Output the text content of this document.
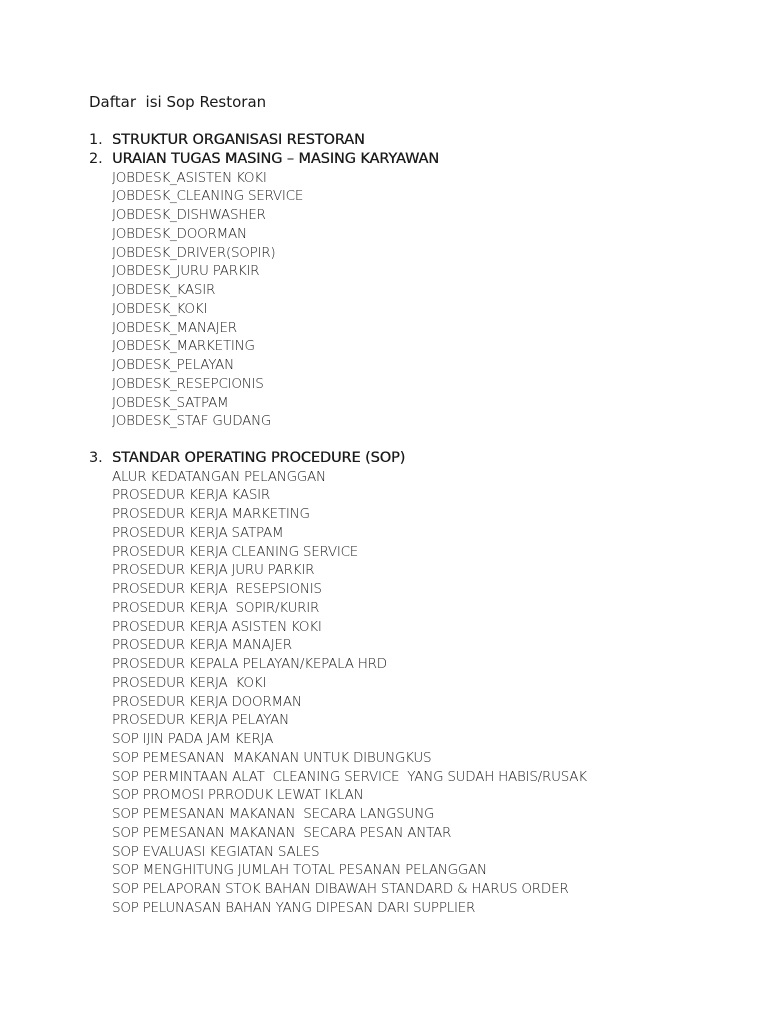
Daftar  isi Sop Restoran
1. STRUKTUR ORGANISASI RESTORAN
2. URAIAN TUGAS MASING – MASING KARYAWAN
JOBDESK_ASISTEN KOKI
JOBDESK_CLEANING SERVICE
JOBDESK_DISHWASHER
JOBDESK_DOORMAN
JOBDESK_DRIVER(SOPIR)
JOBDESK_JURU PARKIR
JOBDESK_KASIR
JOBDESK_KOKI
JOBDESK_MANAJER
JOBDESK_MARKETING
JOBDESK_PELAYAN
JOBDESK_RESEPCIONIS
JOBDESK_SATPAM
JOBDESK_STAF GUDANG
3. STANDAR OPERATING PROCEDURE (SOP)
ALUR KEDATANGAN PELANGGAN
PROSEDUR KERJA KASIR
PROSEDUR KERJA MARKETING
PROSEDUR KERJA SATPAM
PROSEDUR KERJA CLEANING SERVICE
PROSEDUR KERJA JURU PARKIR
PROSEDUR KERJA  RESEPSIONIS
PROSEDUR KERJA  SOPIR/KURIR
PROSEDUR KERJA ASISTEN KOKI
PROSEDUR KERJA MANAJER
PROSEDUR KEPALA PELAYAN/KEPALA HRD
PROSEDUR KERJA  KOKI
PROSEDUR KERJA DOORMAN
PROSEDUR KERJA PELAYAN
SOP IJIN PADA JAM KERJA
SOP PEMESANAN  MAKANAN UNTUK DIBUNGKUS
SOP PERMINTAAN ALAT  CLEANING SERVICE  YANG SUDAH HABIS/RUSAK
SOP PROMOSI PRRODUK LEWAT IKLAN
SOP PEMESANAN MAKANAN  SECARA LANGSUNG
SOP PEMESANAN MAKANAN  SECARA PESAN ANTAR
SOP EVALUASI KEGIATAN SALES
SOP MENGHITUNG JUMLAH TOTAL PESANAN PELANGGAN
SOP PELAPORAN STOK BAHAN DIBAWAH STANDARD & HARUS ORDER
SOP PELUNASAN BAHAN YANG DIPESAN DARI SUPPLIER
